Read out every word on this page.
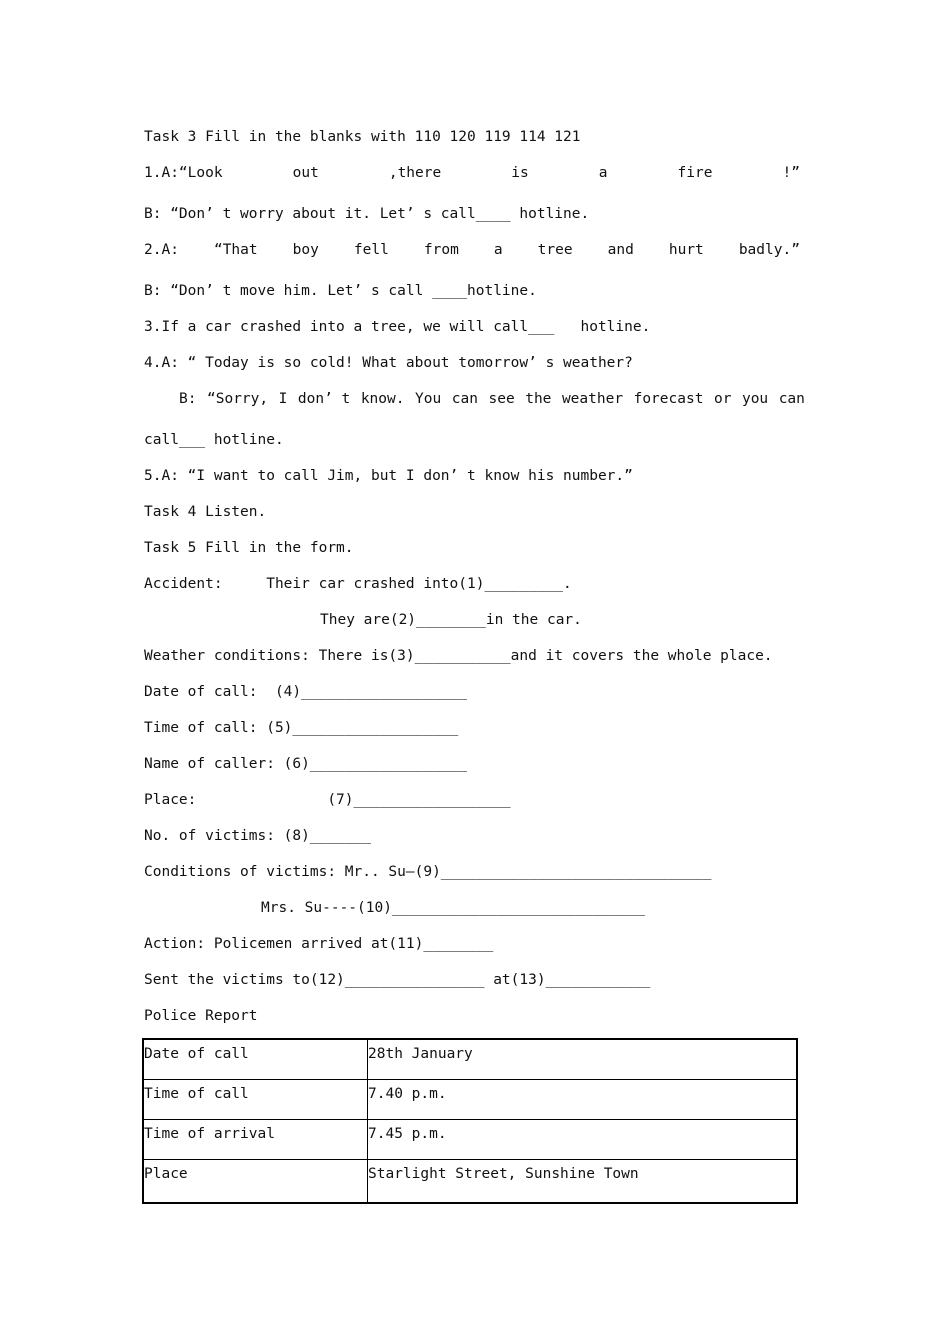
Task 3 Fill in the blanks with 110 120 119 114 121
1.A:“Look	out	,there	is	a	fire	!”
B: “Don’ t worry about it. Let’ s call____ hotline.
2.A: “That boy fell from a tree and hurt badly.”
B: “Don’ t move him. Let’ s call ____hotline.
3.If a car crashed into a tree, we will call___   hotline.
4.A: “ Today is so cold! What about tomorrow’ s weather?
B: “Sorry, I don’ t know. You can see the weather forecast or you can
call___ hotline.
5.A: “I want to call Jim, but I don’ t know his number.”
Task 4 Listen.
Task 5 Fill in the form.
Accident:     Their car crashed into(1)_________.
They are(2)________in the car.
Weather conditions: There is(3)___________and it covers the whole place.
Date of call:  (4)___________________
Time of call: (5)___________________
Name of caller: (6)__________________
Place:               (7)__________________
No. of victims: (8)_______
Conditions of victims: Mr.. Su—(9)_______________________________
Mrs. Su----(10)_____________________________
Action: Policemen arrived at(11)________
Sent the victims to(12)________________ at(13)____________
Police Report
Date of call	28th January
Time of call	7.40 p.m.
Time of arrival	7.45 p.m.
Place	Starlight Street, Sunshine Town
